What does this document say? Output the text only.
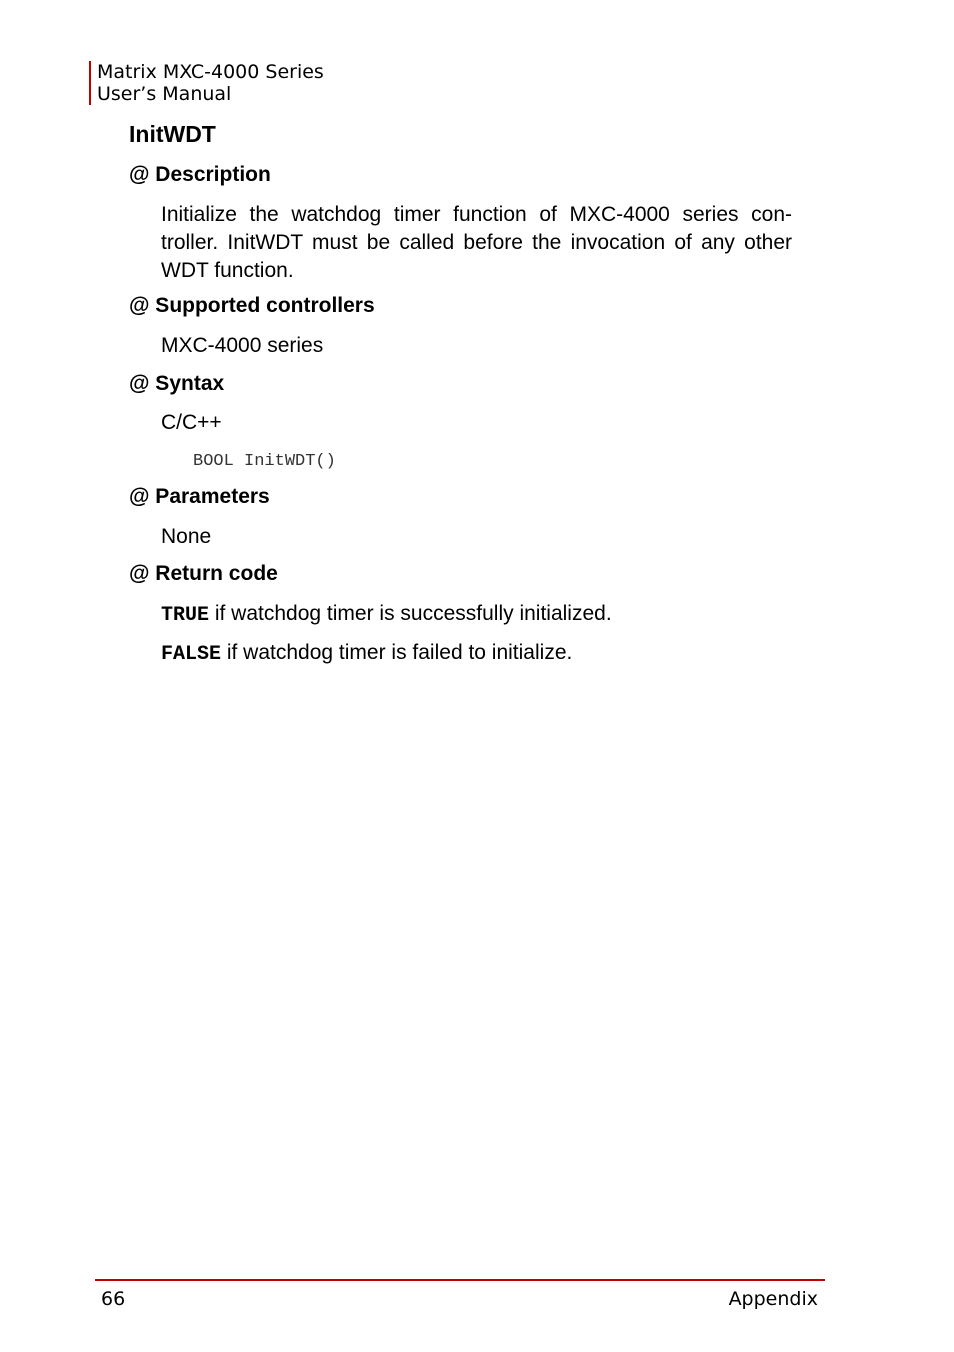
Matrix MXC-4000 Series
User’s Manual
InitWDT
@ Description

Initialize the watchdog timer function of MXC-4000 series con-troller. InitWDT must be called before the invocation of any other WDT function.

@ Supported controllers

MXC-4000 series

@ Syntax

C/C++

BOOL InitWDT()
@ Parameters

None

@ Return code

TRUE if watchdog timer is successfully initialized.

FALSE if watchdog timer is failed to initialize.

66	Appendix
